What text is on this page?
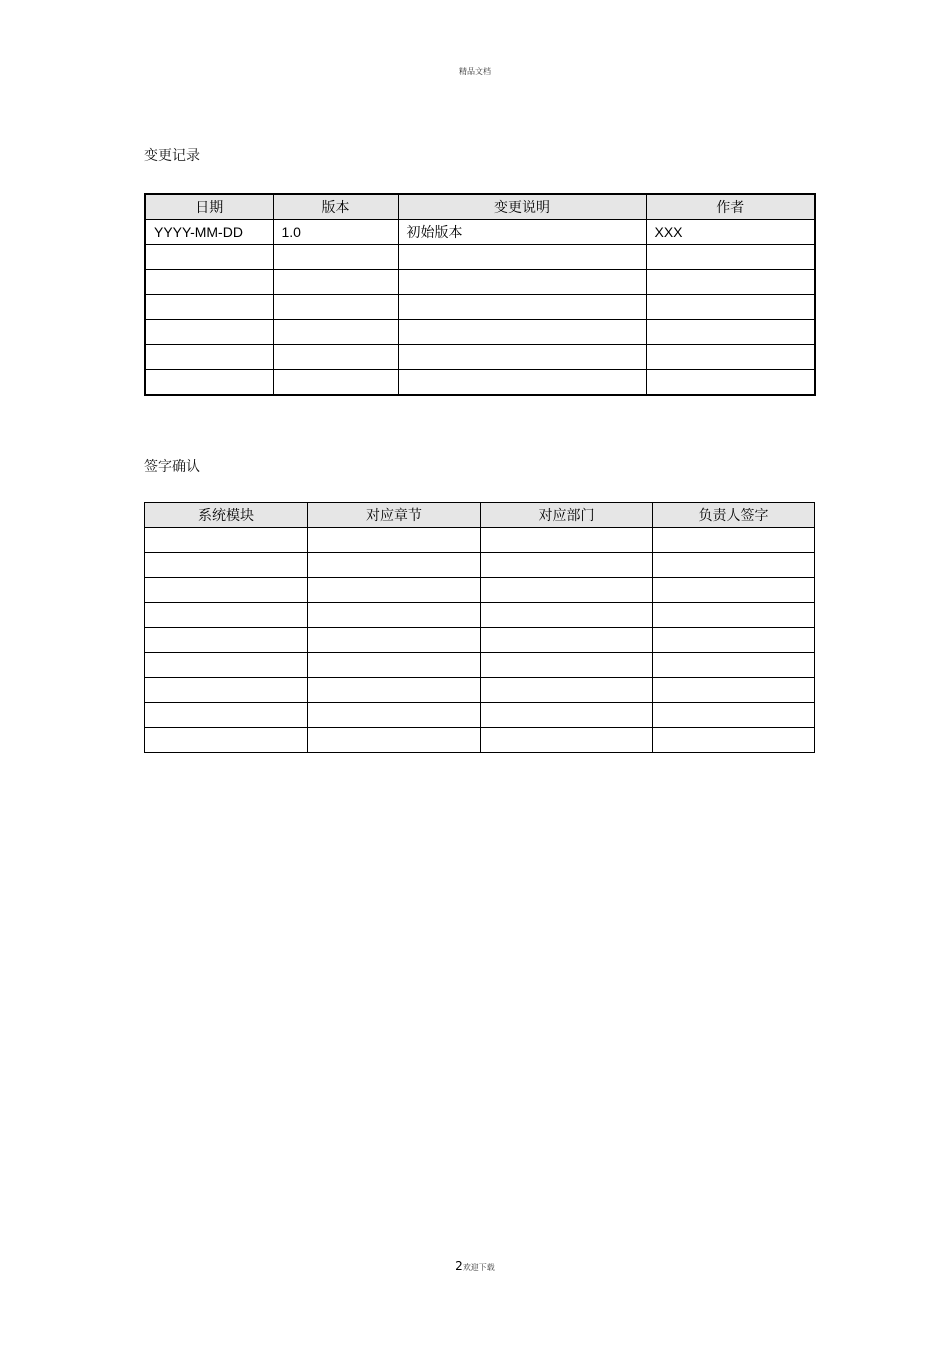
精品文档
变更记录
日期	版本	变更说明	作者
YYYY-MM-DD	1.0	初始版本	XXX

签字确认
系统模块	对应章节	对应部门	负责人签字

2欢迎下载
